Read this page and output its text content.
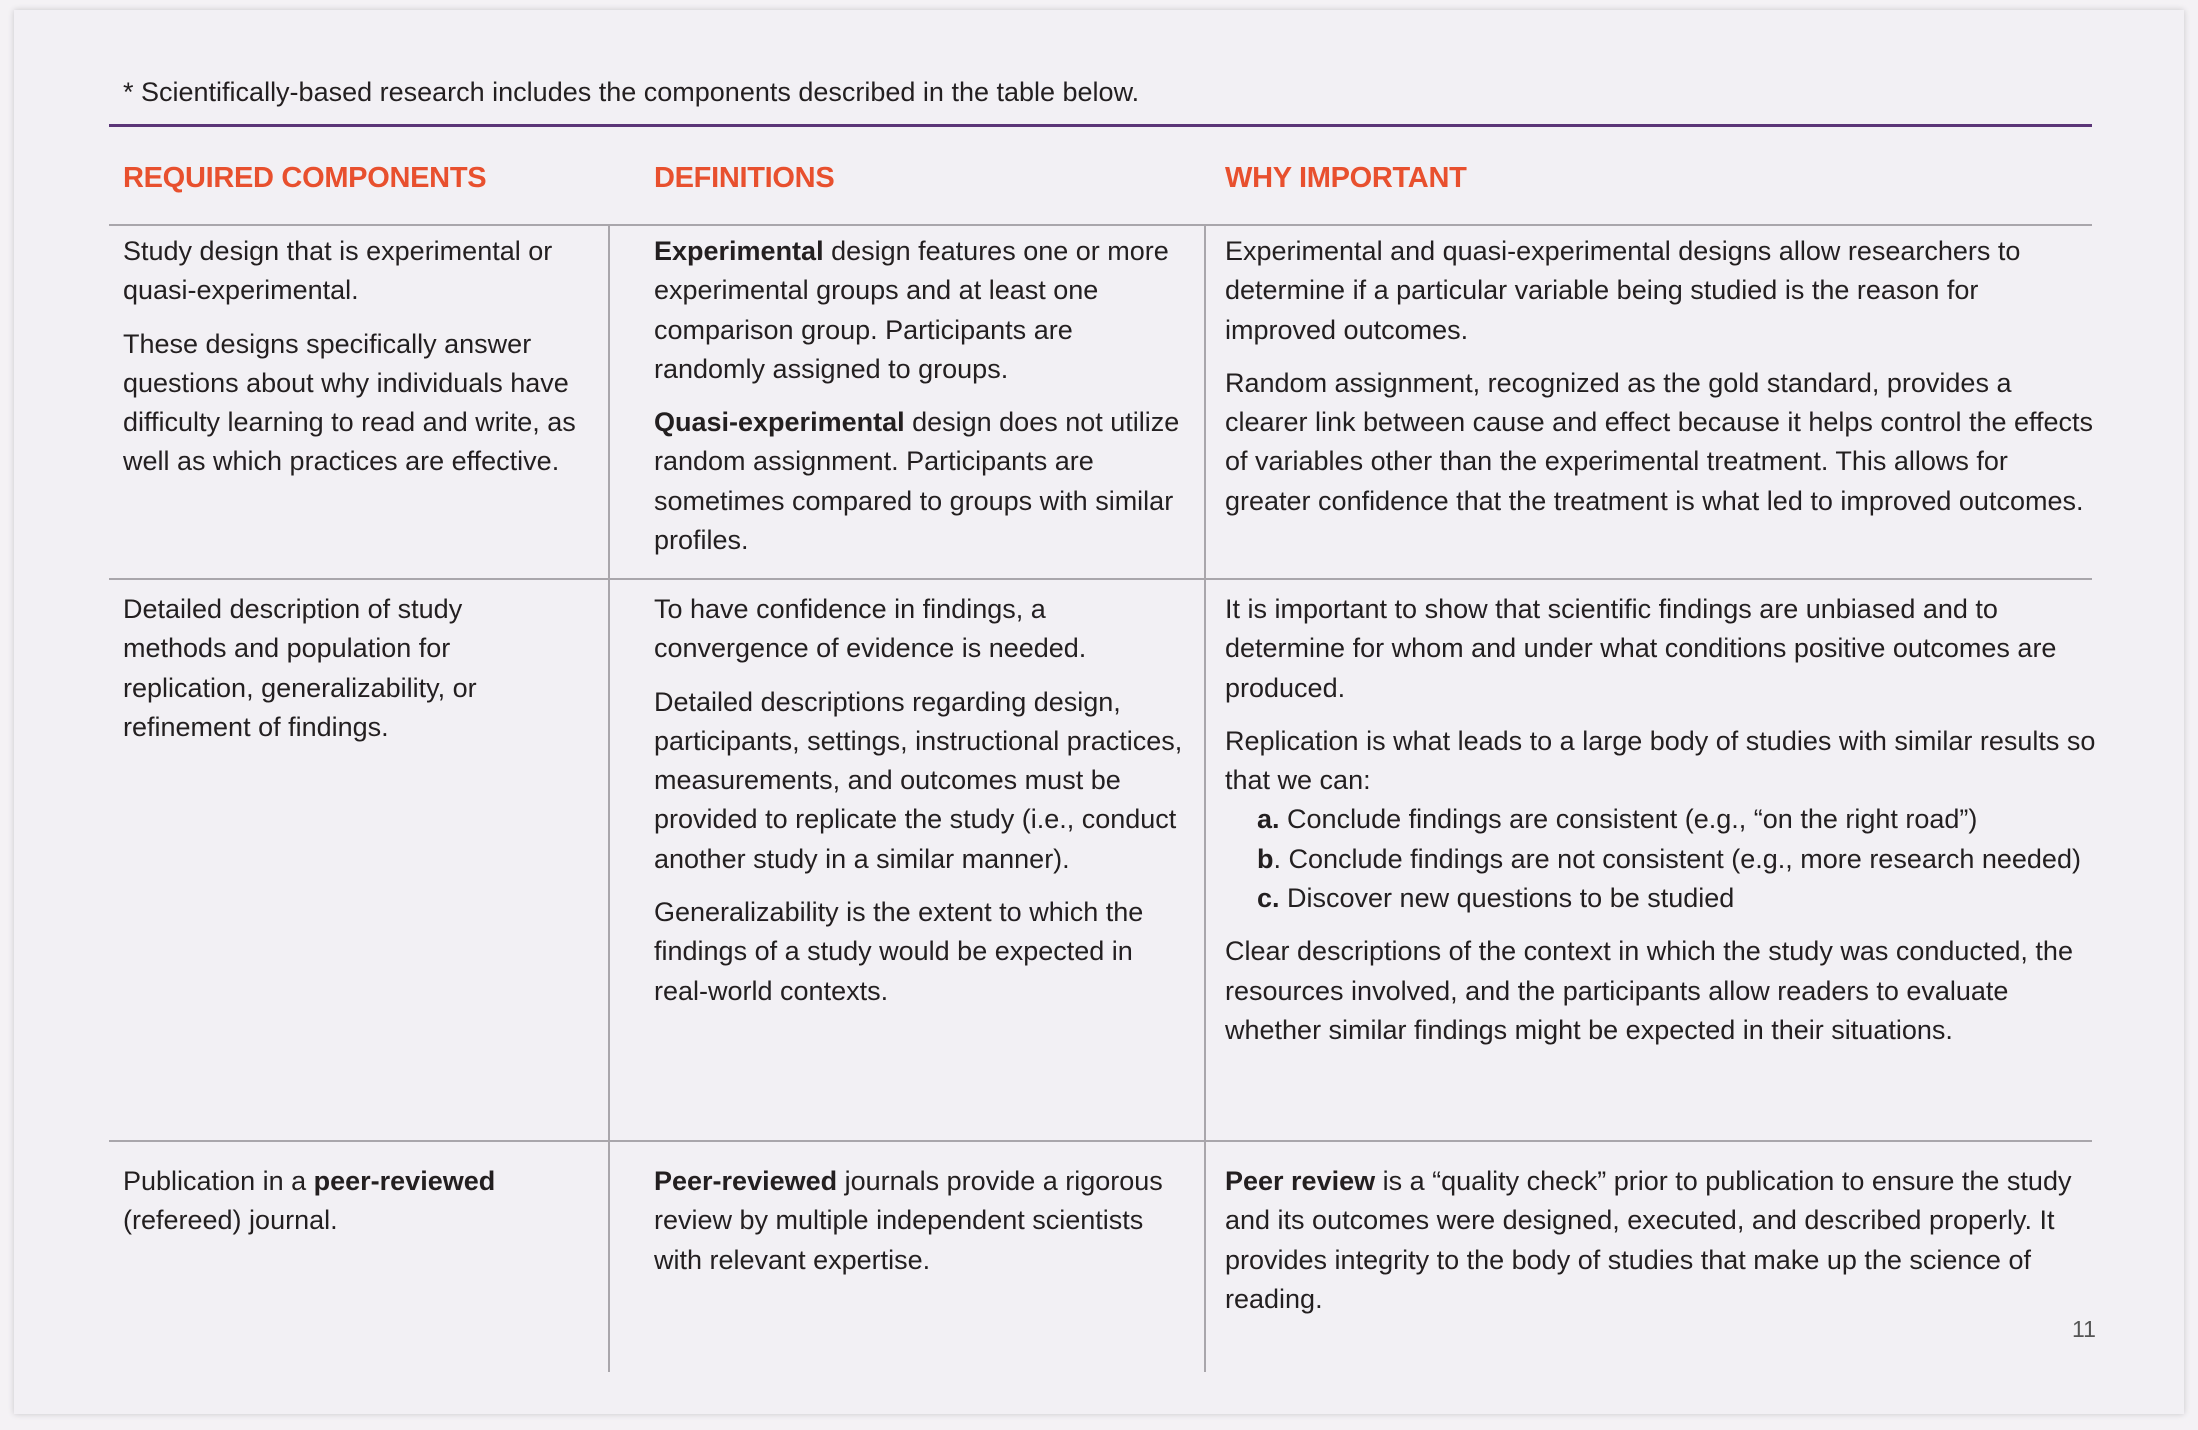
* Scientifically-based research includes the components described in the table below.
REQUIRED COMPONENTS	DEFINITIONS	WHY IMPORTANT

Study design that is experimental or quasi-experimental.

These designs specifically answer questions about why individuals have difficulty learning to read and write, as well as which practices are effective.

Experimental design features one or more experimental groups and at least one comparison group. Participants are randomly assigned to groups.

Quasi-experimental design does not utilize random assignment. Participants are sometimes compared to groups with similar profiles.

Experimental and quasi-experimental designs allow researchers to determine if a particular variable being studied is the reason for improved outcomes.

Random assignment, recognized as the gold standard, provides a clearer link between cause and effect because it helps control the effects of variables other than the experimental treatment. This allows for greater confidence that the treatment is what led to improved outcomes.

Detailed description of study methods and population for replication, generalizability, or refinement of findings.

To have confidence in findings, a convergence of evidence is needed.

Detailed descriptions regarding design, participants, settings, instructional practices, measurements, and outcomes must be provided to replicate the study (i.e., conduct another study in a similar manner).

Generalizability is the extent to which the findings of a study would be expected in real-world contexts.

It is important to show that scientific findings are unbiased and to determine for whom and under what conditions positive outcomes are produced.

Replication is what leads to a large body of studies with similar results so that we can:

a. Conclude findings are consistent (e.g., “on the right road”)
b. Conclude findings are not consistent (e.g., more research needed)
c. Discover new questions to be studied

Clear descriptions of the context in which the study was conducted, the resources involved, and the participants allow readers to evaluate whether similar findings might be expected in their situations.

Publication in a peer-reviewed (refereed) journal.

Peer-reviewed journals provide a rigorous review by multiple independent scientists with relevant expertise.

Peer review is a “quality check” prior to publication to ensure the study and its outcomes were designed, executed, and described properly. It provides integrity to the body of studies that make up the science of reading.

11
